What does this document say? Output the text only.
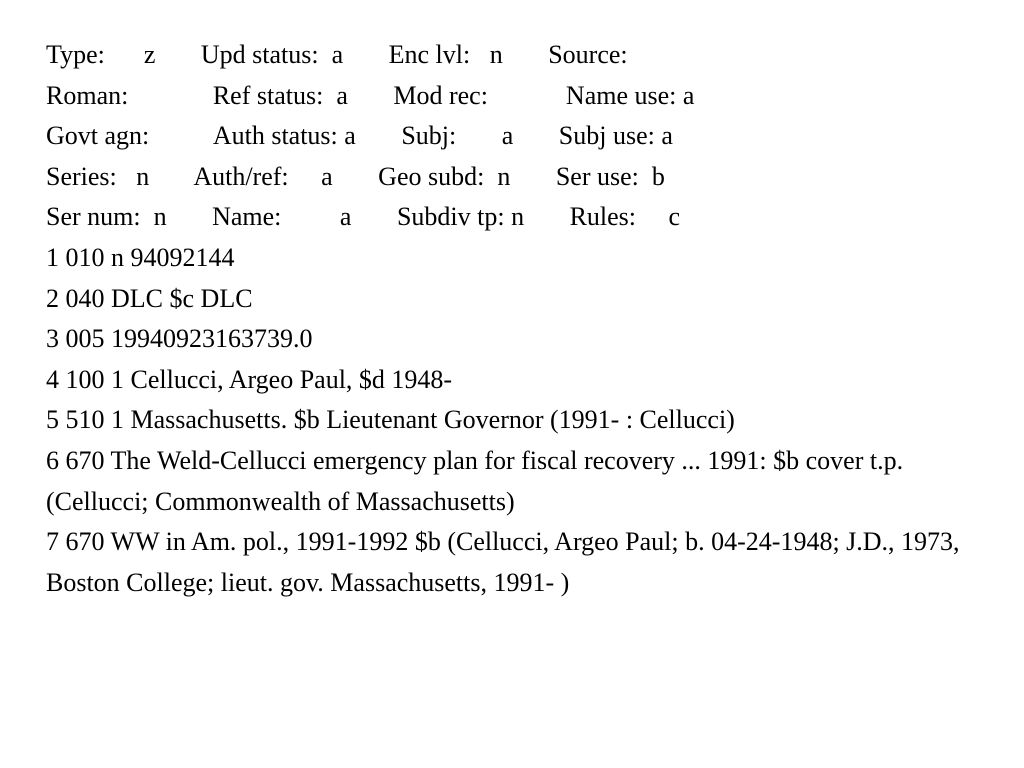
Type:      z       Upd status:  a       Enc lvl:   n       Source:
Roman:             Ref status:  a       Mod rec:            Name use: a
Govt agn:          Auth status: a       Subj:       a       Subj use: a
Series:   n       Auth/ref:     a       Geo subd:  n       Ser use:  b
Ser num:  n       Name:         a       Subdiv tp: n       Rules:     c
1 010 n 94092144
2 040 DLC $c DLC
3 005 19940923163739.0
4 100 1 Cellucci, Argeo Paul, $d 1948-
5 510 1 Massachusetts. $b Lieutenant Governor (1991- : Cellucci)
6 670 The Weld-Cellucci emergency plan for fiscal recovery ... 1991: $b cover t.p. (Cellucci; Commonwealth of Massachusetts)
7 670 WW in Am. pol., 1991-1992 $b (Cellucci, Argeo Paul; b. 04-24-1948; J.D., 1973, Boston College; lieut. gov. Massachusetts, 1991- )
